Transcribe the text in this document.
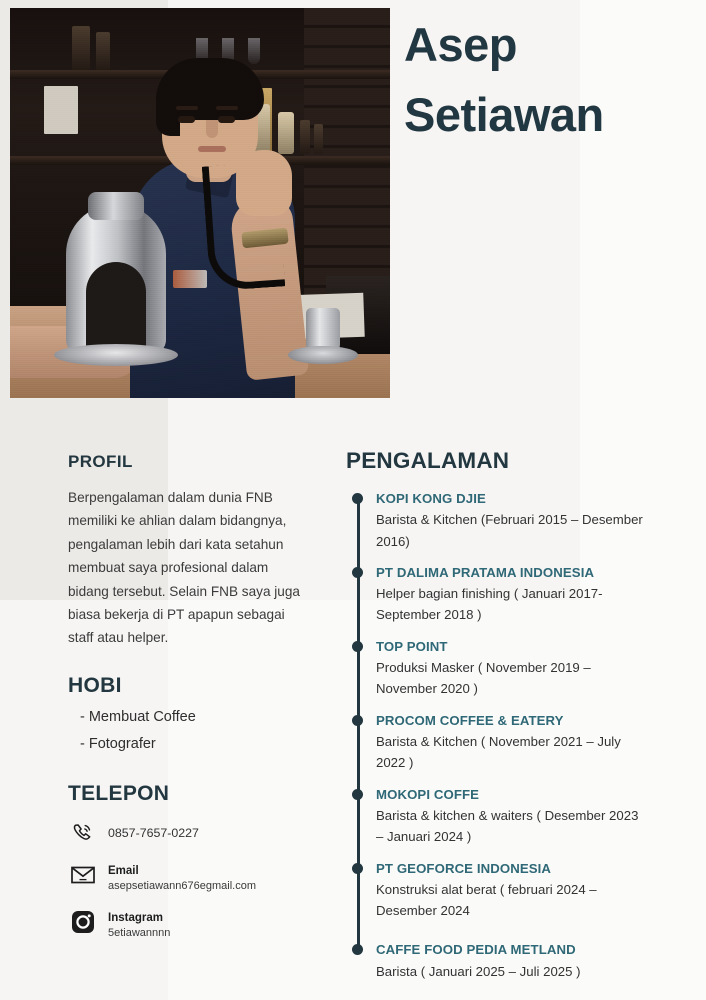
Asep
Setiawan
PROFIL

Berpengalaman dalam dunia FNB memiliki ke ahlian dalam bidangnya, pengalaman lebih dari kata setahun membuat saya profesional dalam bidang tersebut. Selain FNB saya juga biasa bekerja di PT apapun sebagai staff atau helper.

HOBI
- Membuat Coffee
- Fotografer
TELEPON
0857-7657-0227
Email
asepsetiawann676egmail.com
Instagram
5etiawannnn
PENGALAMAN
KOPI KONG DJIE
Barista & Kitchen (Februari 2015 – Desember 2016)
PT DALIMA PRATAMA INDONESIA
Helper bagian finishing ( Januari 2017- September 2018 )
TOP POINT
Produksi Masker ( November 2019 – November 2020 )
PROCOM COFFEE & EATERY
Barista & Kitchen ( November 2021 – July 2022 )
MOKOPI COFFE
Barista & kitchen & waiters ( Desember 2023 – Januari 2024 )
PT GEOFORCE INDONESIA
Konstruksi alat berat ( februari 2024 – Desember 2024
CAFFE FOOD PEDIA METLAND
Barista ( Januari 2025 – Juli 2025 )
